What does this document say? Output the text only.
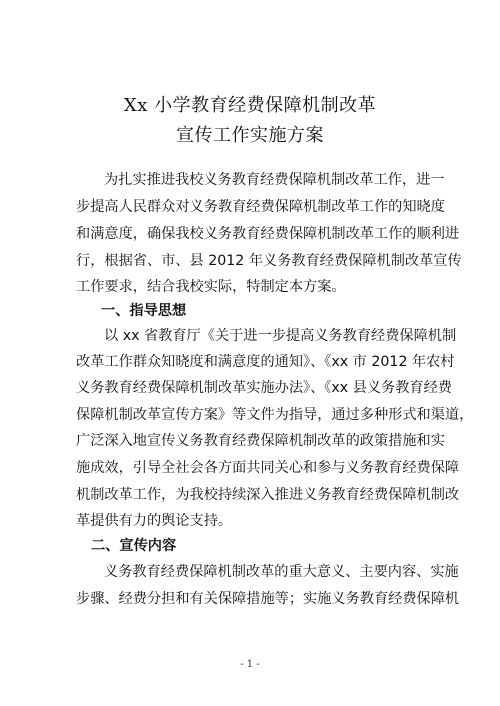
Xx 小学教育经费保障机制改革
宣传工作实施方案
为扎实推进我校义务教育经费保障机制改革工作，进一
步提高人民群众对义务教育经费保障机制改革工作的知晓度
和满意度，确保我校义务教育经费保障机制改革工作的顺利进
行，根据省、市、县 2012 年义务教育经费保障机制改革宣传
工作要求，结合我校实际，特制定本方案。
一、指导思想
以 xx 省教育厅《关于进一步提高义务教育经费保障机制
改革工作群众知晓度和满意度的通知》、《xx 市 2012 年农村
义务教育经费保障机制改革实施办法》、《xx 县义务教育经费
保障机制改革宣传方案》等文件为指导，通过多种形式和渠道，
广泛深入地宣传义务教育经费保障机制改革的政策措施和实
施成效，引导全社会各方面共同关心和参与义务教育经费保障
机制改革工作，为我校持续深入推进义务教育经费保障机制改
革提供有力的舆论支持。
二、宣传内容
义务教育经费保障机制改革的重大意义、主要内容、实施
步骤、经费分担和有关保障措施等；实施义务教育经费保障机
- 1 -
